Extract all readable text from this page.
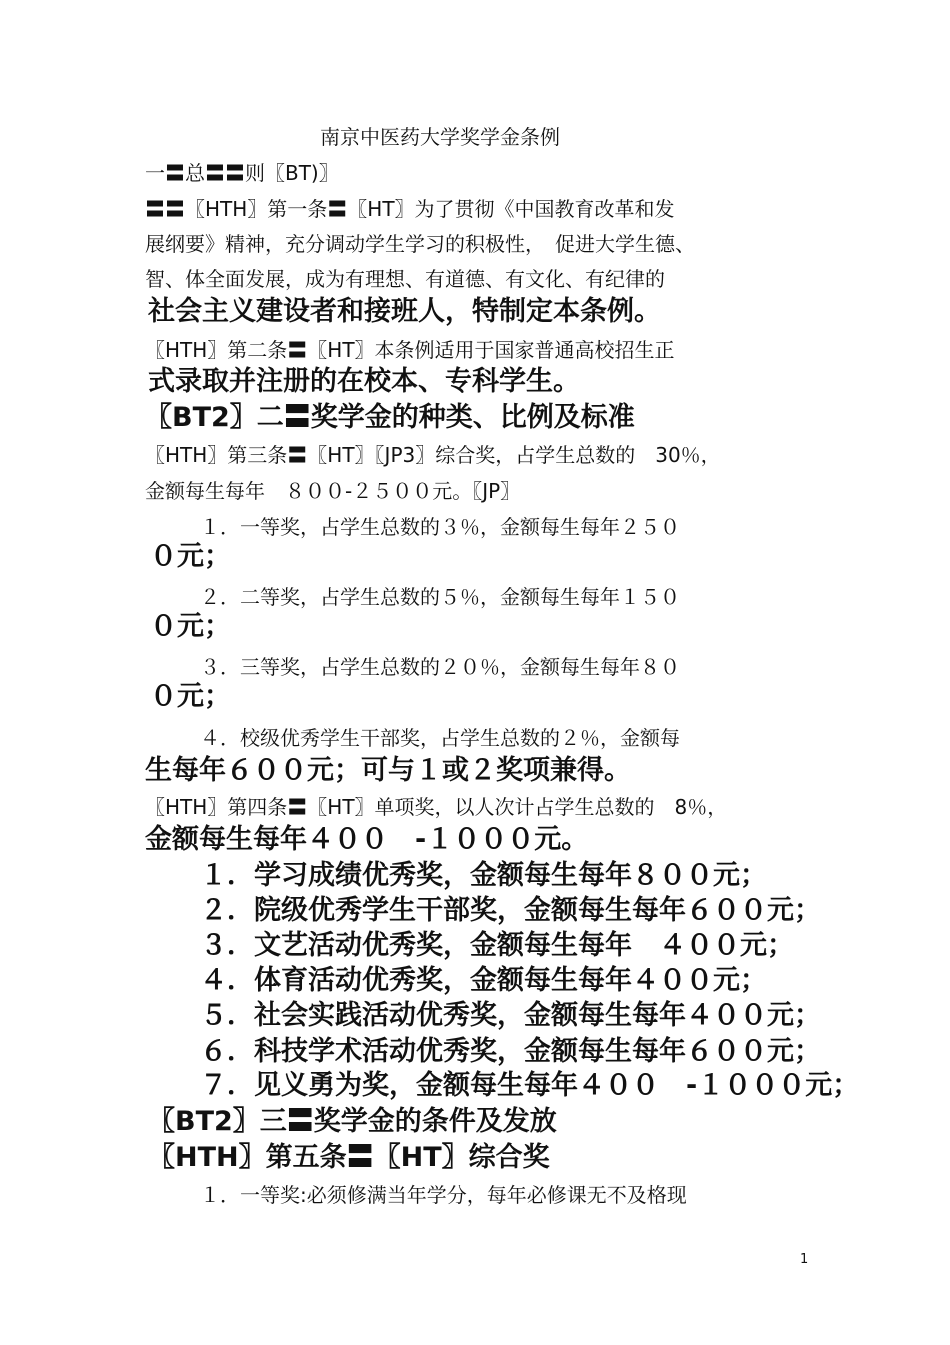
南京中医药大学奖学金条例
一〓总〓〓则〖BT)〗
〓〓〖HTH〗第一条〓〖HT〗为了贯彻《中国教育改革和发
展纲要》精神，充分调动学生学习的积极性，　促进大学生德、
智、体全面发展，成为有理想、有道德、有文化、有纪律的
社会主义建设者和接班人，特制定本条例。
〖HTH〗第二条〓〖HT〗本条例适用于国家普通高校招生正
式录取并注册的在校本、专科学生。
〖BT2〗二〓奖学金的种类、比例及标准
〖HTH〗第三条〓〖HT〗〖JP3〗综合奖，占学生总数的　30％，
金额每生每年　８００-２５００元。〖JP〗
１．一等奖，占学生总数的３％，金额每生每年２５０
０元；
２．二等奖，占学生总数的５％，金额每生每年１５０
０元；
３．三等奖，占学生总数的２０％，金额每生每年８０
０元；
４．校级优秀学生干部奖，占学生总数的２％，金额每
生每年６００元；可与１或２奖项兼得。
〖HTH〗第四条〓〖HT〗单项奖，以人次计占学生总数的　8％，
金额每生每年４００　-１０００元。
１．学习成绩优秀奖，金额每生每年８００元；
２．院级优秀学生干部奖，金额每生每年６００元；
３．文艺活动优秀奖，金额每生每年　４００元；
４．体育活动优秀奖，金额每生每年４００元；
５．社会实践活动优秀奖，金额每生每年４００元；
６．科技学术活动优秀奖，金额每生每年６００元；
７．见义勇为奖，金额每生每年４００　-１０００元；
〖BT2〗三〓奖学金的条件及发放
〖HTH〗第五条〓〖HT〗综合奖
１．一等奖:必须修满当年学分，每年必修课无不及格现
1
